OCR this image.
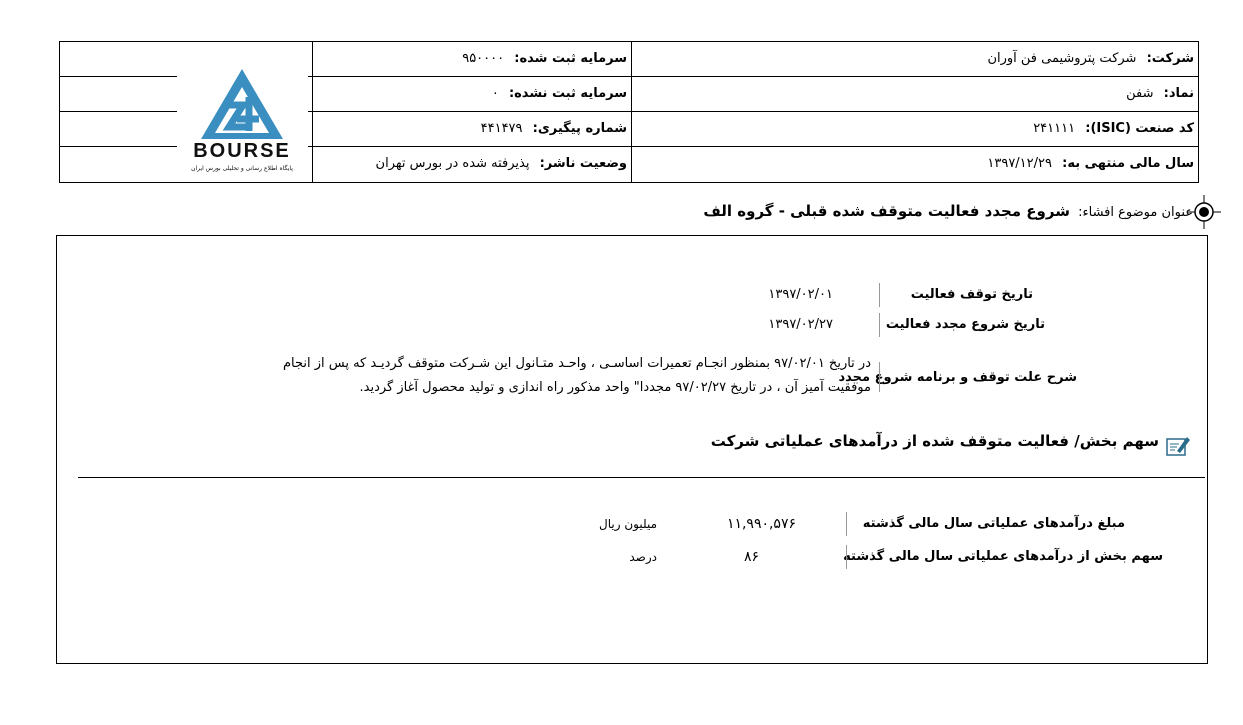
شرکت: شرکت پتروشیمی فن آوران
سرمایه ثبت شده: ۹۵۰۰۰۰
نماد: شفن
سرمایه ثبت نشده: ۰
کد صنعت (ISIC): ۲۴۱۱۱۱
شماره پیگیری: ۴۴۱۴۷۹
سال مالی منتهی به: ۱۳۹۷/۱۲/۲۹
وضعیت ناشر: پذیرفته شده در بورس تهران
BOURSE
پایگاه اطلاع رسانی و تحلیلی بورس ایران
عنوان موضوع افشاء: شروع مجدد فعالیت متوقف شده قبلی - گروه الف
تاریخ توقف فعالیت
۱۳۹۷/۰۲/۰۱
تاریخ شروع مجدد فعالیت
۱۳۹۷/۰۲/۲۷
شرح علت توقف و برنامه شروع مجدد
در تاریخ ۹۷/۰۲/۰۱ بمنظور انجـام تعمیرات اساسـی ، واحـد متـانول این شـرکت متوقف گردیـد که پس از انجام
موفقیت آمیز آن ، در تاریخ ۹۷/۰۲/۲۷ مجددا" واحد مذکور راه اندازی و تولید محصول آغاز گردید.
سهم بخش/ فعالیت متوقف شده از درآمدهای عملیاتی شرکت
مبلغ درآمدهای عملیاتی سال مالی گذشته
۱۱,۹۹۰,۵۷۶
میلیون ریال
سهم بخش از درآمدهای عملیاتی سال مالی گذشته
۸۶
درصد
